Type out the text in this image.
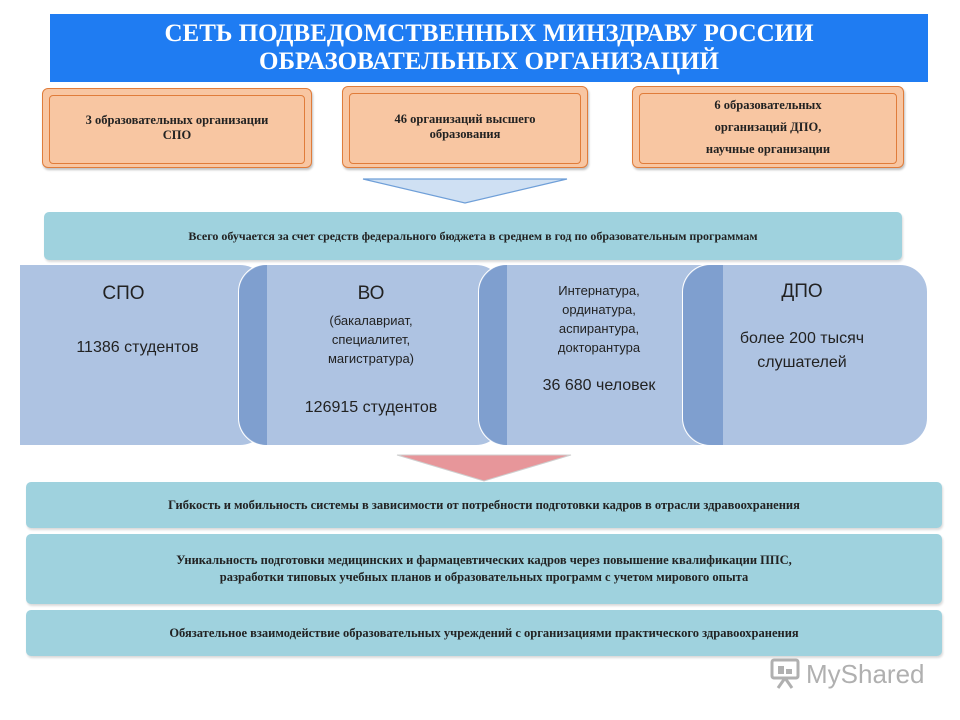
СЕТЬ ПОДВЕДОМСТВЕННЫХ МИНЗДРАВУ РОССИИ
ОБРАЗОВАТЕЛЬНЫХ ОРГАНИЗАЦИЙ
3 образовательных организации
СПО
46 организаций высшего
образования
6 образовательных
организаций ДПО,
научные организации
Всего обучается за счет средств федерального бюджета в среднем в год по образовательным программам
СПО
11386 студентов
ВО
(бакалавриат,
специалитет,
магистратура)
126915 студентов
Интернатура,
ординатура,
аспирантура,
докторантура
36 680 человек
ДПО
более 200 тысяч
слушателей
Гибкость и мобильность системы в зависимости от потребности подготовки кадров в отрасли здравоохранения
Уникальность подготовки медицинских и фармацевтических кадров через повышение квалификации ППС,
разработки типовых учебных планов и образовательных программ с учетом мирового опыта
Обязательное взаимодействие образовательных учреждений с организациями практического здравоохранения
MyShared
